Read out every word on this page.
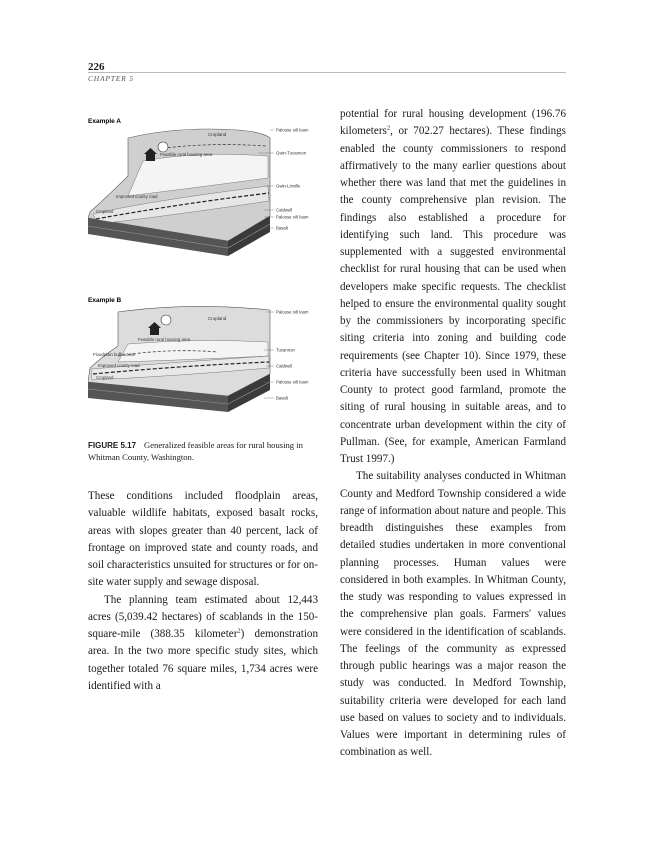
226
CHAPTER 5
Example A
Cropland
Feasible rural housing area
Improved county road
Cropland
Palouse silt loam
Gwin-Tucannon
Gwin-Linville
Caldwell
Palouse silt loam
Basalt
Example B
Cropland
Feasible rural housing area
Floodplain buffer zone
Improved county road
Cropland
Palouse silt loam
Tucannon
Caldwell
Palouse silt loam
Basalt
FIGURE 5.17 Generalized feasible areas for rural housing in Whitman County, Washington.

These conditions included floodplain areas, valuable wildlife habitats, exposed basalt rocks, areas with slopes greater than 40 percent, lack of frontage on improved state and county roads, and soil characteristics unsuited for structures or for on-site water supply and sewage disposal.

The planning team estimated about 12,443 acres (5,039.42 hectares) of scablands in the 150-square-mile (388.35 kilometer$^2$) demonstration area. In the two more specific study sites, which together totaled 76 square miles, 1,734 acres were identified with a

potential for rural housing development (196.76 kilometers$^2$, or 702.27 hectares). These findings enabled the county commissioners to respond affirmatively to the many earlier questions about whether there was land that met the guidelines in the county comprehensive plan revision. The findings also established a procedure for identifying such land. This procedure was supplemented with a suggested environmental checklist for rural housing that can be used when developers make specific requests. The checklist helped to ensure the environmental quality sought by the commissioners by incorporating specific siting criteria into zoning and building code requirements (see Chapter 10). Since 1979, these criteria have successfully been used in Whitman County to protect good farmland, promote the siting of rural housing in suitable areas, and to concentrate urban development within the city of Pullman. (See, for example, American Farmland Trust 1997.)

The suitability analyses conducted in Whitman County and Medford Township considered a wide range of information about nature and people. This breadth distinguishes these examples from detailed studies undertaken in more conventional planning processes. Human values were considered in both examples. In Whitman County, the study was responding to values expressed in the comprehensive plan goals. Farmers' values were considered in the identification of scablands. The feelings of the community as expressed through public hearings was a major reason the study was conducted. In Medford Township, suitability criteria were developed for each land use based on values to society and to individuals. Values were important in determining rules of combination as well.
